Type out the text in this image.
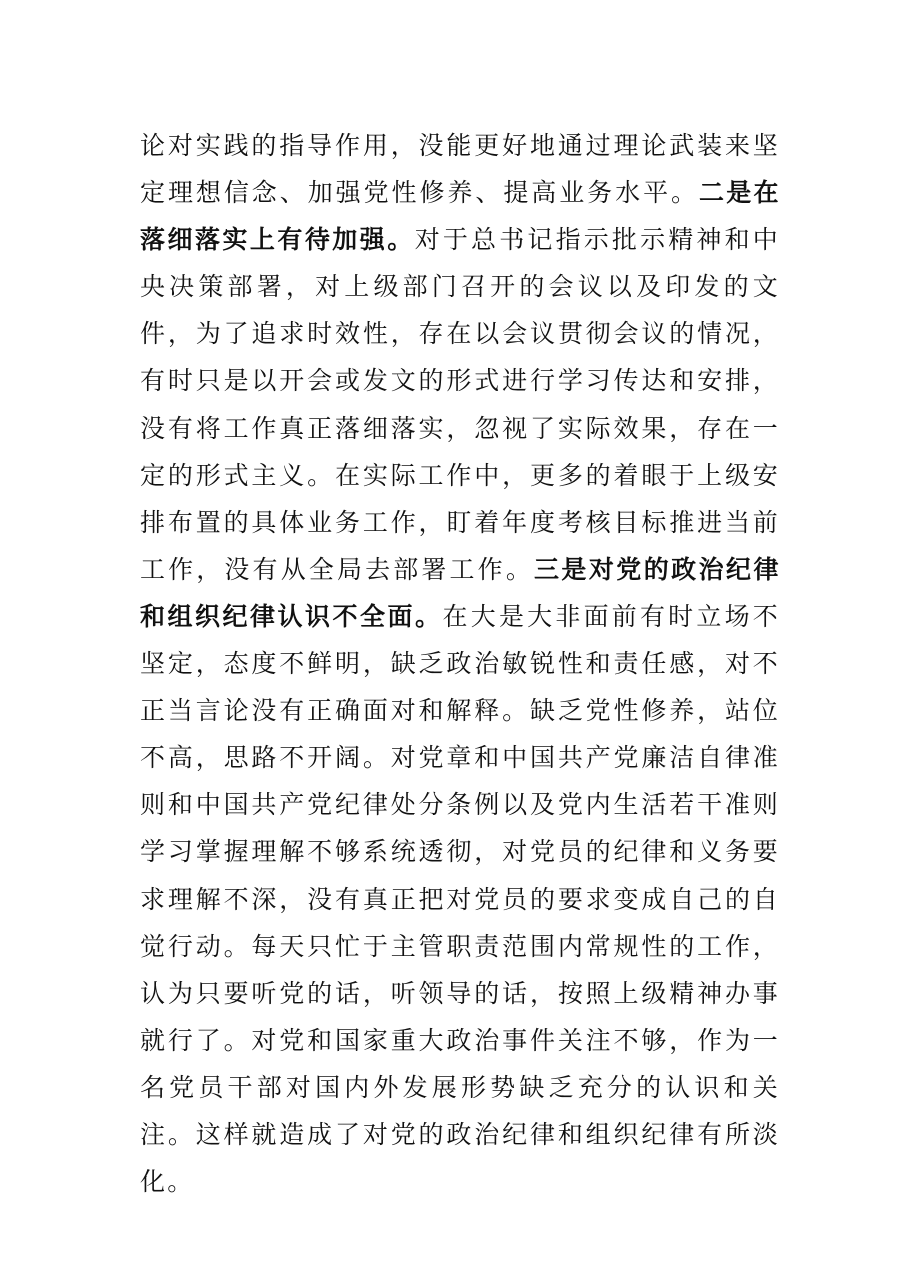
论对实践的指导作用，没能更好地通过理论武装来坚定理想信念、加强党性修养、提高业务水平。二是在落细落实上有待加强。对于总书记指示批示精神和中央决策部署，对上级部门召开的会议以及印发的文件，为了追求时效性，存在以会议贯彻会议的情况，有时只是以开会或发文的形式进行学习传达和安排，没有将工作真正落细落实，忽视了实际效果，存在一定的形式主义。在实际工作中，更多的着眼于上级安排布置的具体业务工作，盯着年度考核目标推进当前工作，没有从全局去部署工作。三是对党的政治纪律和组织纪律认识不全面。在大是大非面前有时立场不坚定，态度不鲜明，缺乏政治敏锐性和责任感，对不正当言论没有正确面对和解释。缺乏党性修养，站位不高，思路不开阔。对党章和中国共产党廉洁自律准则和中国共产党纪律处分条例以及党内生活若干准则学习掌握理解不够系统透彻，对党员的纪律和义务要求理解不深，没有真正把对党员的要求变成自己的自觉行动。每天只忙于主管职责范围内常规性的工作，认为只要听党的话，听领导的话，按照上级精神办事就行了。对党和国家重大政治事件关注不够，作为一名党员干部对国内外发展形势缺乏充分的认识和关注。这样就造成了对党的政治纪律和组织纪律有所淡化。
